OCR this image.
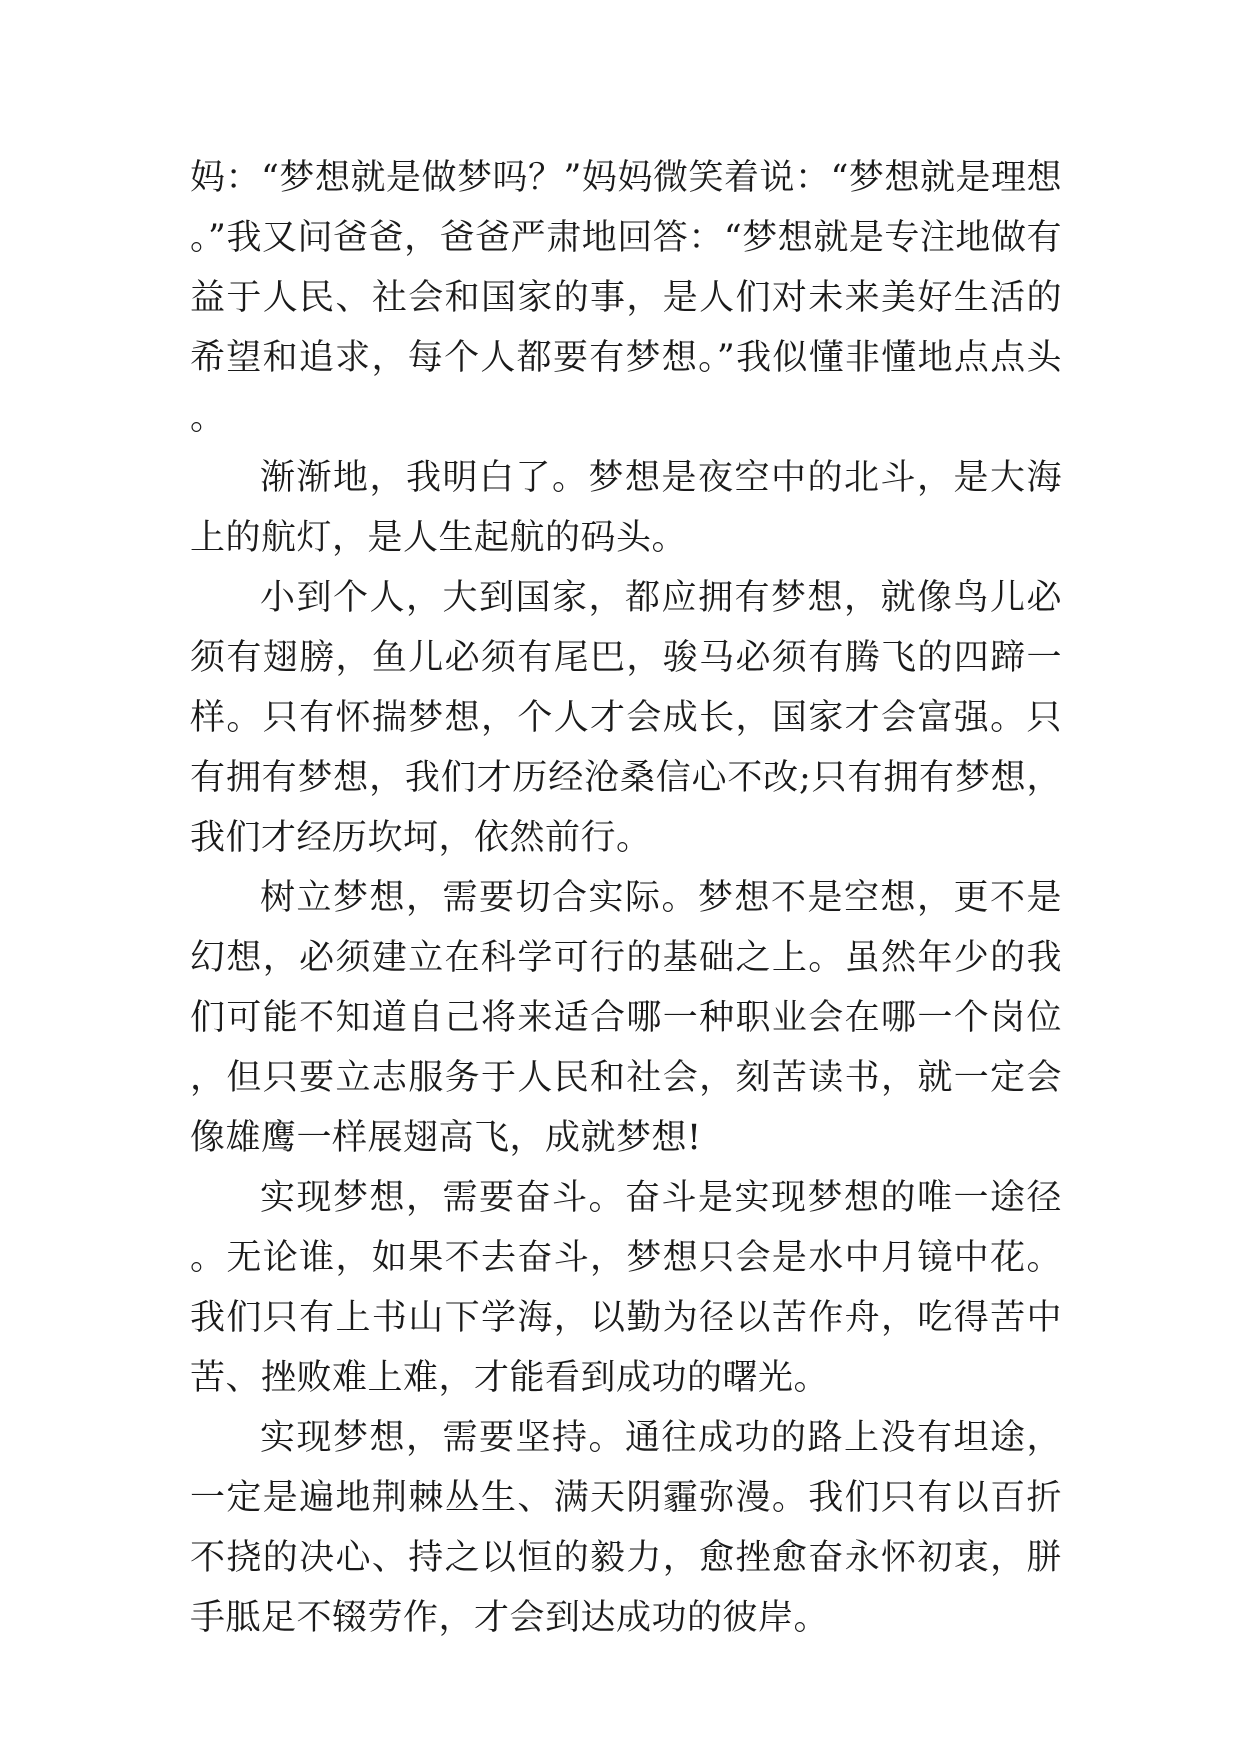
妈：“梦想就是做梦吗？”妈妈微笑着说：“梦想就是理想。”我又问爸爸，爸爸严肃地回答：“梦想就是专注地做有益于人民、社会和国家的事，是人们对未来美好生活的希望和追求，每个人都要有梦想。”我似懂非懂地点点头。

渐渐地，我明白了。梦想是夜空中的北斗，是大海上的航灯，是人生起航的码头。

小到个人，大到国家，都应拥有梦想，就像鸟儿必须有翅膀，鱼儿必须有尾巴，骏马必须有腾飞的四蹄一样。只有怀揣梦想，个人才会成长，国家才会富强。只有拥有梦想，我们才历经沧桑信心不改;只有拥有梦想，我们才经历坎坷，依然前行。

树立梦想，需要切合实际。梦想不是空想，更不是幻想，必须建立在科学可行的基础之上。虽然年少的我们可能不知道自己将来适合哪一种职业会在哪一个岗位，但只要立志服务于人民和社会，刻苦读书，就一定会像雄鹰一样展翅高飞，成就梦想!

实现梦想，需要奋斗。奋斗是实现梦想的唯一途径。无论谁，如果不去奋斗，梦想只会是水中月镜中花。我们只有上书山下学海，以勤为径以苦作舟，吃得苦中苦、挫败难上难，才能看到成功的曙光。

实现梦想，需要坚持。通往成功的路上没有坦途，一定是遍地荆棘丛生、满天阴霾弥漫。我们只有以百折不挠的决心、持之以恒的毅力，愈挫愈奋永怀初衷，胼手胝足不辍劳作，才会到达成功的彼岸。
